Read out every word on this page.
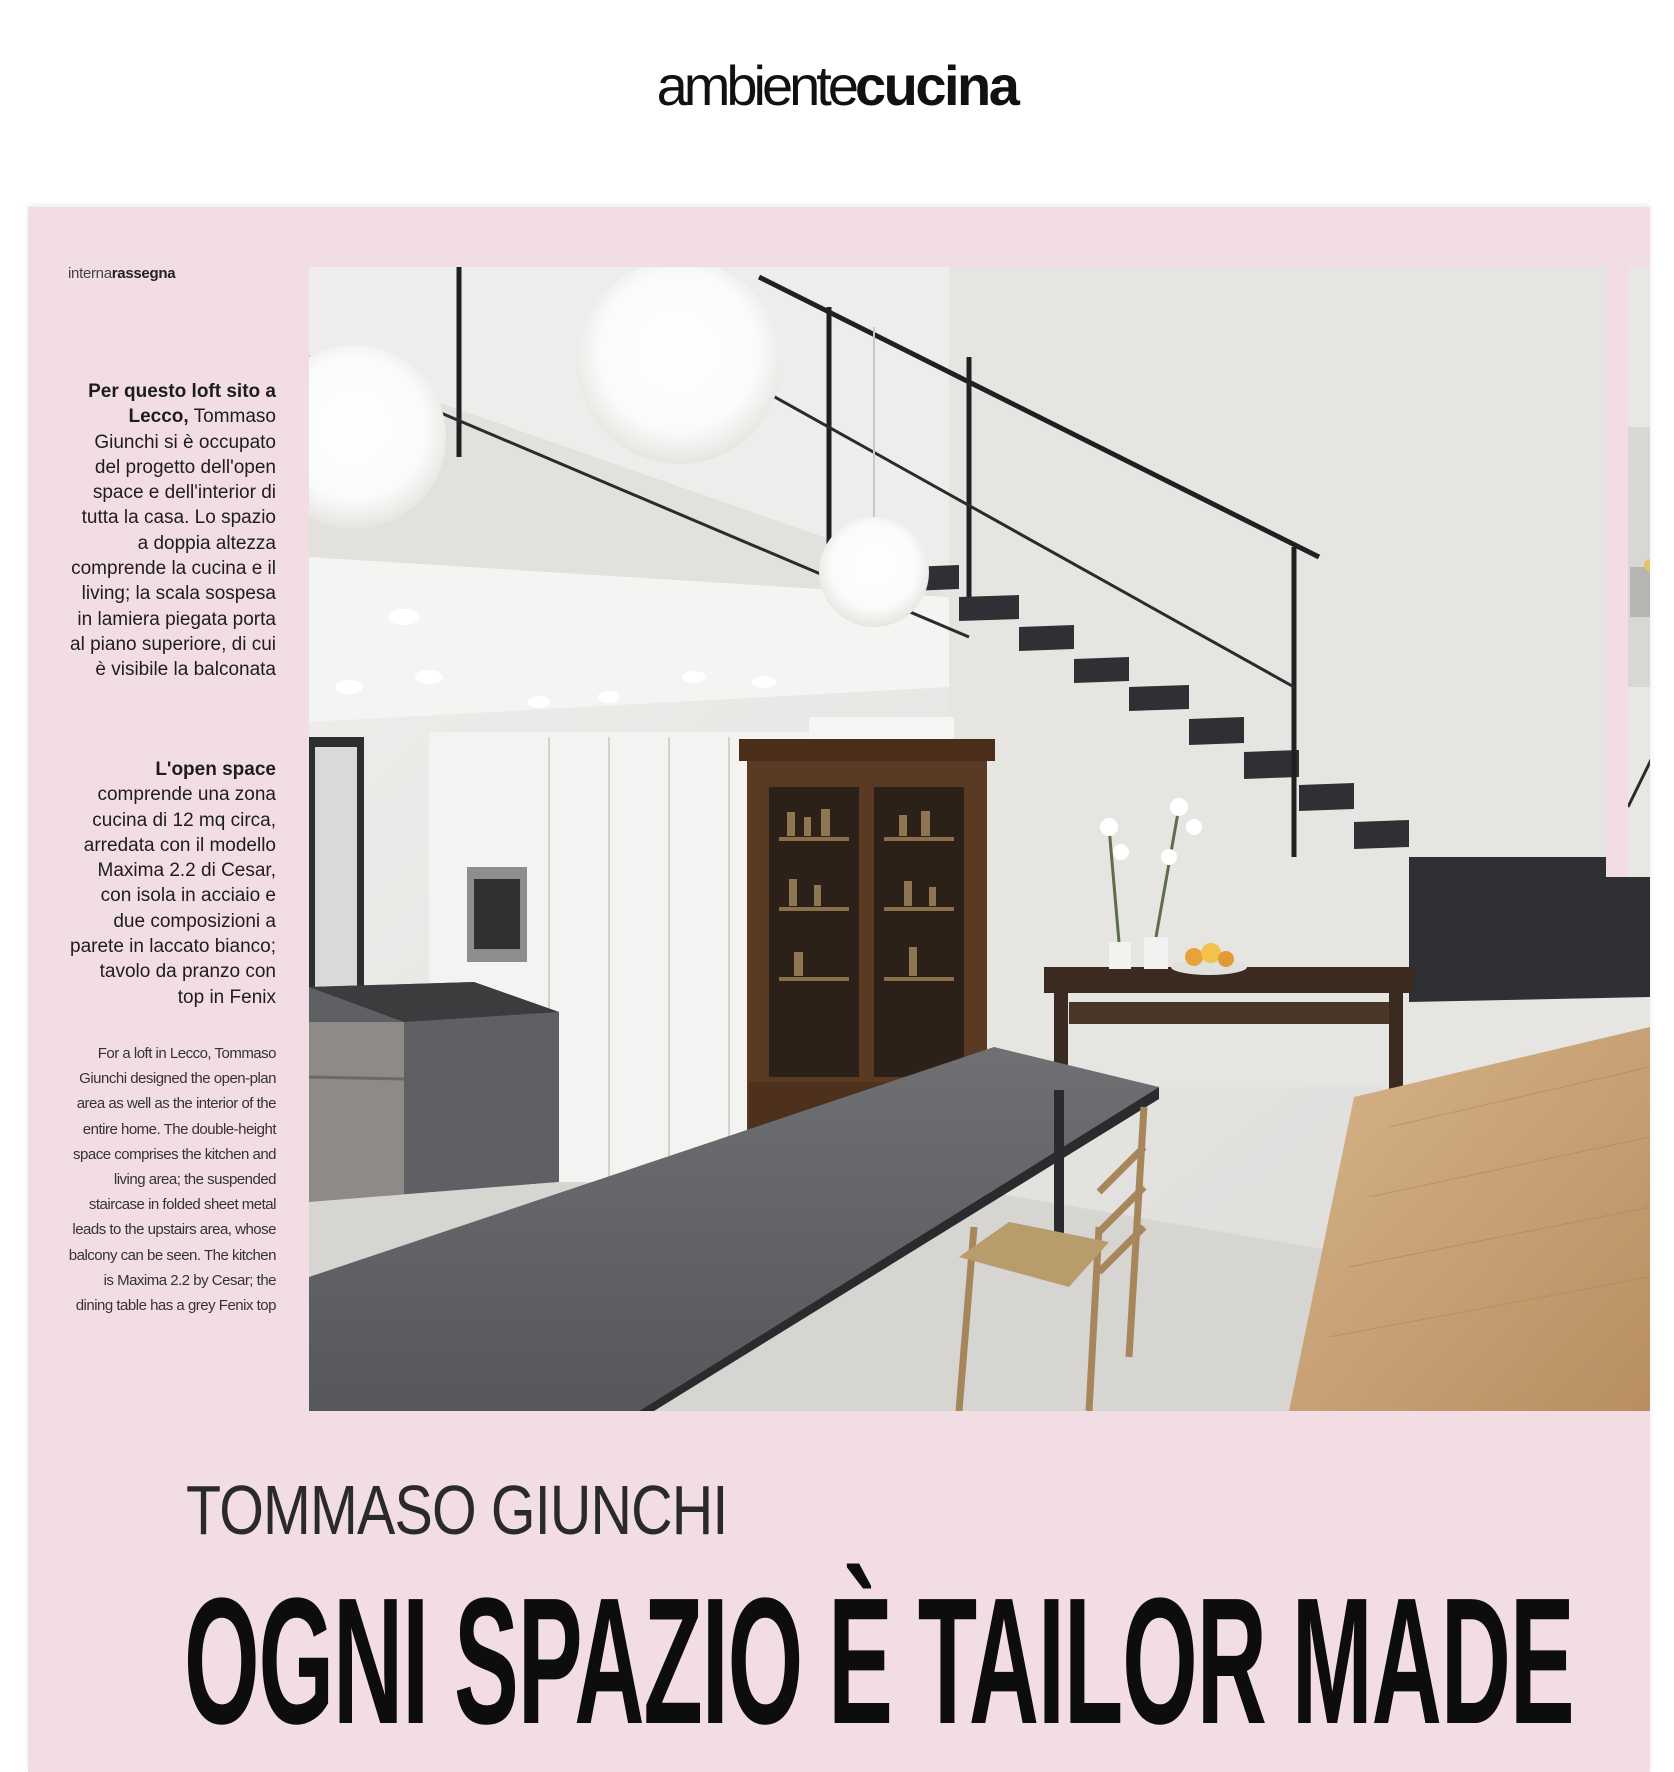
ambientecucina
internarassegna
Per questo loft sito a Lecco, Tommaso Giunchi si è occupato del progetto dell'open space e dell'interior di tutta la casa. Lo spazio a doppia altezza comprende la cucina e il living; la scala sospesa in lamiera piegata porta al piano superiore, di cui è visibile la balconata
L'open space comprende una zona cucina di 12 mq circa, arredata con il modello Maxima 2.2 di Cesar, con isola in acciaio e due composizioni a parete in laccato bianco; tavolo da pranzo con top in Fenix
For a loft in Lecco, Tommaso Giunchi designed the open-plan area as well as the interior of the entire home. The double-height space comprises the kitchen and living area; the suspended staircase in folded sheet metal leads to the upstairs area, whose balcony can be seen. The kitchen is Maxima 2.2 by Cesar; the dining table has a grey Fenix top
TOMMASO GIUNCHI
OGNI SPAZIO È TAILOR MADE
